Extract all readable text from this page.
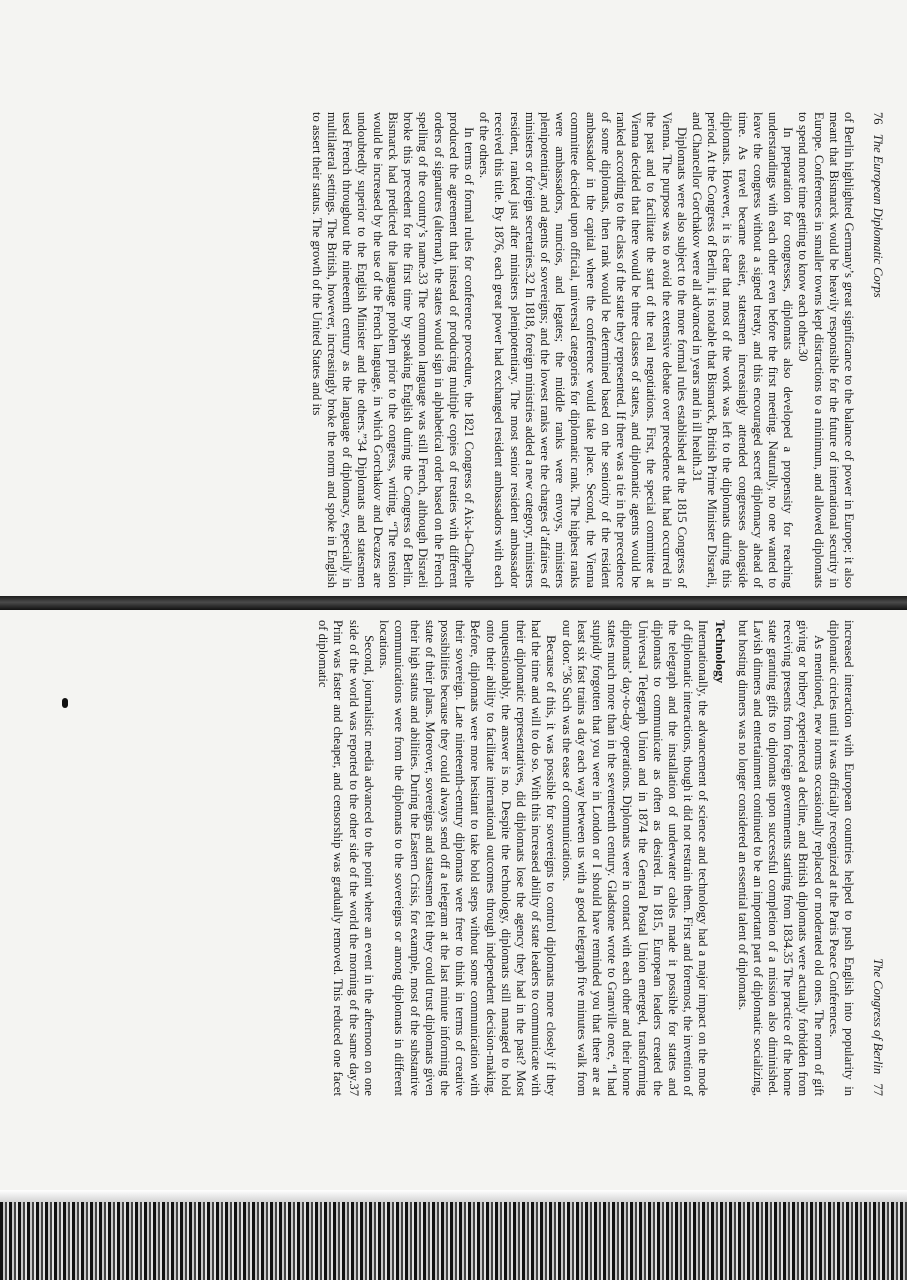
76   The European Diplomatic Corps

of Berlin highlighted Germany’s great significance to the balance of power in Europe; it also meant that Bismarck would be heavily responsible for the future of international security in Europe. Conferences in smaller towns kept distractions to a minimum, and allowed diplomats to spend more time getting to know each other.30

In preparation for congresses, diplomats also developed a propensity for reaching understandings with each other even before the first meeting. Naturally, no one wanted to leave the congress without a signed treaty, and this encouraged secret diplomacy ahead of time. As travel became easier, statesmen increasingly attended congresses alongside diplomats. However, it is clear that most of the work was left to the diplomats during this period. At the Congress of Berlin, it is notable that Bismarck, British Prime Minister Disraeli, and Chancellor Gorchakov were all advanced in years and in ill health.31

Diplomats were also subject to the more formal rules established at the 1815 Congress of Vienna. The purpose was to avoid the extensive debate over precedence that had occurred in the past and to facilitate the start of the real negotiations. First, the special committee at Vienna decided that there would be three classes of states, and diplomatic agents would be ranked according to the class of the state they represented. If there was a tie in the precedence of some diplomats, then rank would be determined based on the seniority of the resident ambassador in the capital where the conference would take place. Second, the Vienna committee decided upon official, universal categories for diplomatic rank. The highest ranks were ambassadors, nuncios, and legates; the middle ranks were envoys, ministers plenipotentiary, and agents of sovereigns; and the lowest ranks were the charges d’affaires of ministers or foreign secretaries.32 In 1818, foreign ministries added a new category, ministers resident, ranked just after ministers plenipotentiary. The most senior resident ambassador received this title. By 1876, each great power had exchanged resident ambassadors with each of the others.

In terms of formal rules for conference procedure, the 1821 Congress of Aix-la-Chapelle produced the agreement that instead of producing multiple copies of treaties with different orders of signatures (alternat), the states would sign in alphabetical order based on the French spelling of the country’s name.33 The common language was still French, although Disraeli broke this precedent for the first time by speaking English during the Congress of Berlin. Bismarck had predicted the language problem prior to the congress, writing, “The tension would be increased by the use of the French language, in which Gorchakov and Decazes are undoubtedly superior to the English Minister and the others.”34 Diplomats and statesmen used French throughout the nineteenth century as the language of diplomacy, especially in multilateral settings. The British, however, increasingly broke the norm and spoke in English to assert their status. The growth of the United States and its

The Congress of Berlin   77

increased interaction with European countries helped to push English into popularity in diplomatic circles until it was officially recognized at the Paris Peace Conferences.

As mentioned, new norms occasionally replaced or moderated old ones. The norm of gift giving or bribery experienced a decline, and British diplomats were actually forbidden from receiving presents from foreign governments starting from 1834.35 The practice of the home state granting gifts to diplomats upon successful completion of a mission also diminished. Lavish dinners and entertainment continued to be an important part of diplomatic socializing, but hosting dinners was no longer considered an essential talent of diplomats.

Technology

Internationally, the advancement of science and technology had a major impact on the mode of diplomatic interactions, though it did not restrain them. First and foremost, the invention of the telegraph and the installation of underwater cables made it possible for states and diplomats to communicate as often as desired. In 1815, European leaders created the Universal Telegraph Union and in 1874 the General Postal Union emerged, transforming diplomats’ day-to-day operations. Diplomats were in contact with each other and their home states much more than in the seventeenth century. Gladstone wrote to Granville once, “I had stupidly forgotten that you were in London or I should have reminded you that there are at least six fast trains a day each way between us with a good telegraph five minutes walk from our door.”36 Such was the ease of communications.

Because of this, it was possible for sovereigns to control diplomats more closely if they had the time and will to do so. With this increased ability of state leaders to communicate with their diplomatic representatives, did diplomats lose the agency they had in the past? Most unquestionably, the answer is no. Despite the technology, diplomats still managed to hold onto their ability to facilitate international outcomes through independent decision-making. Before, diplomats were more hesitant to take bold steps without some communication with their sovereign. Late nineteenth-century diplomats were freer to think in terms of creative possibilities because they could always send off a telegram at the last minute informing the state of their plans. Moreover, sovereigns and statesmen felt they could trust diplomats given their high status and abilities. During the Eastern Crisis, for example, most of the substantive communications were from the diplomats to the sovereigns or among diplomats in different locations.

Second, journalistic media advanced to the point where an event in the afternoon on one side of the world was reported to the other side of the world the morning of the same day.37 Print was faster and cheaper, and censorship was gradually removed. This reduced one facet of diplomatic
